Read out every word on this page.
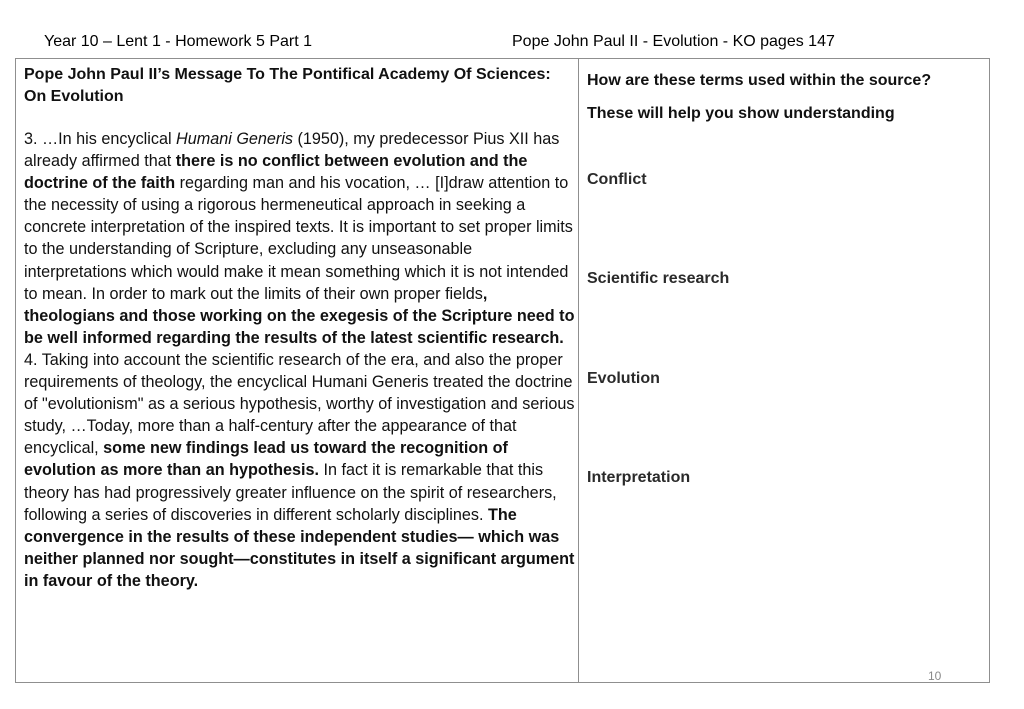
Year 10 – Lent 1 - Homework 5 Part 1	Pope John Paul II - Evolution - KO pages 147
Pope John Paul II’s Message To The Pontifical Academy Of Sciences: On Evolution

3. …In his encyclical Humani Generis (1950), my predecessor Pius XII has already affirmed that there is no conflict between evolution and the doctrine of the faith regarding man and his vocation, … [I]draw attention to the necessity of using a rigorous hermeneutical approach in seeking a concrete interpretation of the inspired texts. It is important to set proper limits to the understanding of Scripture, excluding any unseasonable interpretations which would make it mean something which it is not intended to mean. In order to mark out the limits of their own proper fields, theologians and those working on the exegesis of the Scripture need to be well informed regarding the results of the latest scientific research.

4. Taking into account the scientific research of the era, and also the proper requirements of theology, the encyclical Humani Generis treated the doctrine of "evolutionism" as a serious hypothesis, worthy of investigation and serious study, …Today, more than a half-century after the appearance of that encyclical, some new findings lead us toward the recognition of evolution as more than an hypothesis. In fact it is remarkable that this theory has had progressively greater influence on the spirit of researchers, following a series of discoveries in different scholarly disciplines. The convergence in the results of these independent studies— which was neither planned nor sought—constitutes in itself a significant argument in favour of the theory.

How are these terms used within the source?
These will help you show understanding
Conflict
Scientific research
Evolution
Interpretation
10
